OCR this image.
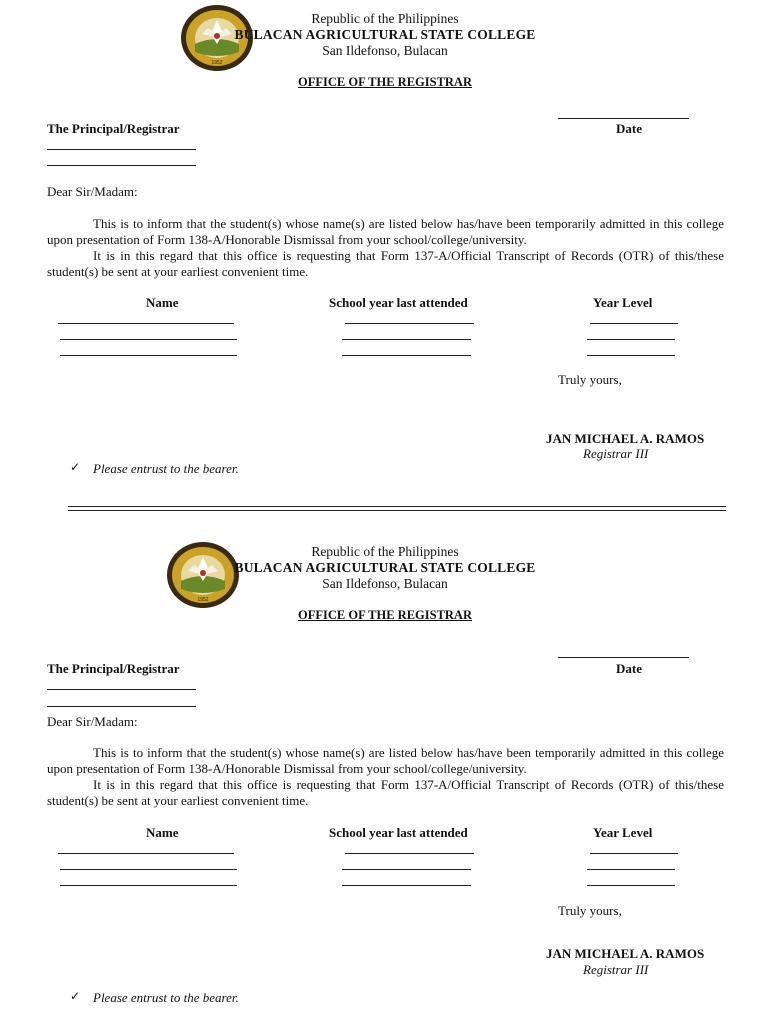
1952
Republic of the Philippines
BULACAN AGRICULTURAL STATE COLLEGE
San Ildefonso, Bulacan
OFFICE OF THE REGISTRAR
Date
The Principal/Registrar
Dear Sir/Madam:
This is to inform that the student(s) whose name(s) are listed below has/have been temporarily admitted in this college upon presentation of Form 138-A/Honorable Dismissal from your school/college/university.
It is in this regard that this office is requesting that Form 137-A/Official Transcript of Records (OTR) of this/these student(s) be sent at your earliest convenient time.
Name	School year last attended	Year Level
Truly yours,
JAN MICHAEL A. RAMOS
Registrar III
✓ Please entrust to the bearer.
1952
Republic of the Philippines
BULACAN AGRICULTURAL STATE COLLEGE
San Ildefonso, Bulacan
OFFICE OF THE REGISTRAR
Date
The Principal/Registrar
Dear Sir/Madam:
This is to inform that the student(s) whose name(s) are listed below has/have been temporarily admitted in this college upon presentation of Form 138-A/Honorable Dismissal from your school/college/university.
It is in this regard that this office is requesting that Form 137-A/Official Transcript of Records (OTR) of this/these student(s) be sent at your earliest convenient time.
Name	School year last attended	Year Level
Truly yours,
JAN MICHAEL A. RAMOS
Registrar III
✓ Please entrust to the bearer.
